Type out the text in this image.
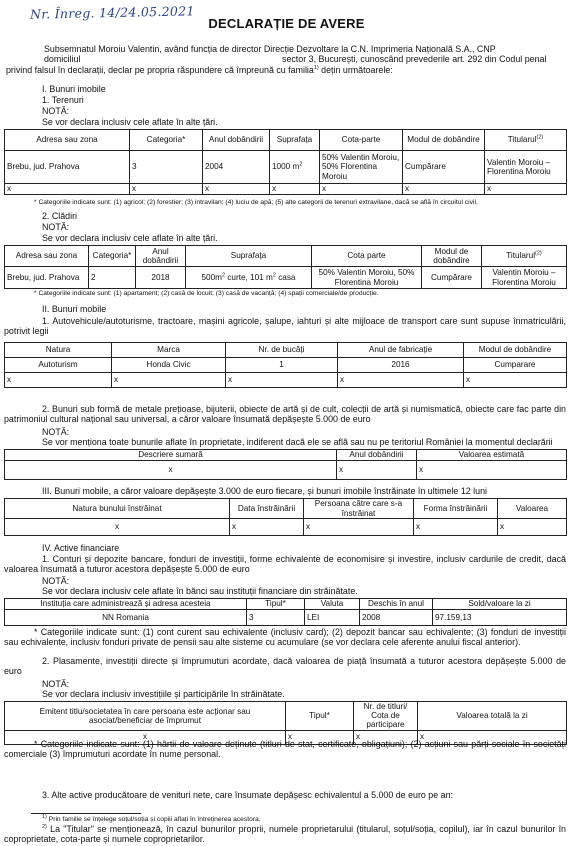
Nr. Înreg. 14/24.05.2021
DECLARAȚIE DE AVERE
Subsemnatul Moroiu Valentin, având funcția de director Direcție Dezvoltare la C.N. Imprimeria Națională S.A., CNP
domiciliul	sector 3, București, cunoscând prevederile art. 292 din Codul penal
privind falsul în declarații, declar pe propria răspundere că împreună cu familia$^{1)}$ dețin următoarele:
I. Bunuri imobile
1. Terenuri
NOTĂ:
Se vor declara inclusiv cele aflate în alte țări.
Adresa sau zona	Categoria*	Anul dobândirii	Suprafața	Cota-parte	Modul de dobândire	Titularul$^{(2)}$
Brebu, jud. Prahova	3	2004	1000 $m^2$	50% Valentin Moroiu, 50% Florentina Moroiu	Cumpărare	Valentin Moroiu – Florentina Moroiu
x	x	x	x	x	x	x
* Categoriile indicate sunt: (1) agricol; (2) forestier; (3) intravilan; (4) luciu de apă; (5) alte categorii de terenuri extravilane, dacă se află în circuitul civil.
2. Clădiri
NOTĂ:
Se vor declara inclusiv cele aflate în alte țări.
Adresa sau zona	Categoria*	Anul dobândirii	Suprafața	Cota parte	Modul de dobândire	Titularul$^{(2)}$
Brebu, jud. Prahova	2	2018	$500m^2$ curte, 101 $m^2$ casa	50% Valentin Moroiu, 50% Florentina Moroiu	Cumpărare	Valentin Moroiu – Florentina Moroiu
* Categoriile indicate sunt: (1) apartament; (2) casă de locuit; (3) casă de vacanță; (4) spații comerciale/de producție.
II. Bunuri mobile
1. Autovehicule/autoturisme, tractoare, mașini agricole, șalupe, iahturi și alte mijloace de transport care sunt supuse înmatriculării, potrivit legii
Natura	Marca	Nr. de bucăți	Anul de fabricație	Modul de dobândire
Autoturism	Honda Civic	1	2016	Cumparare
x	x	x	x	x
2. Bunuri sub formă de metale prețioase, bijuterii, obiecte de artă și de cult, colecții de artă și numismatică, obiecte care fac parte din patrimoniul cultural național sau universal, a căror valoare însumată depășește 5.000 de euro
NOTĂ:
Se vor menționa toate bunurile aflate în proprietate, indiferent dacă ele se află sau nu pe teritoriul României la momentul declarării
Descriere sumară	Anul dobândirii	Valoarea estimată
x	x	x
III. Bunuri mobile, a căror valoare depășește 3.000 de euro fiecare, și bunuri imobile înstrăinate în ultimele 12 luni
Natura bunului înstrăinat	Data înstrăinării	Persoana către care s-a înstrăinat	Forma înstrăinării	Valoarea
x	x	x	x	x
IV. Active financiare
1. Conturi și depozite bancare, fonduri de investiții, forme echivalente de economisire și investire, inclusiv cardurile de credit, dacă valoarea însumată a tuturor acestora depășește 5.000 de euro
NOTĂ:
Se vor declara inclusiv cele aflate în bănci sau instituții financiare din străinătate.
Instituția care administrează și adresa acesteia	Tipul*	Valuta	Deschis în anul	Sold/valoare la zi
NN Romania	3	LEI	2008	97.159,13
* Categoriile indicate sunt: (1) cont curent sau echivalente (inclusiv card); (2) depozit bancar sau echivalente; (3) fonduri de investiții sau echivalente, inclusiv fonduri private de pensii sau alte sisteme cu acumulare (se vor declara cele aferente anului fiscal anterior).
2. Plasamente, investiții directe și împrumuturi acordate, dacă valoarea de piață însumată a tuturor acestora depășește 5.000 de euro
NOTĂ:
Se vor declara inclusiv investițiile și participările în străinătate.
Emitent titlu/societatea în care persoana este acționar sau asociat/beneficiar de împrumut	Tipul*	Nr. de titluri/ Cota de participare	Valoarea totală la zi
x	x	x	x
* Categoriile indicate sunt: (1) hârtii de valoare deținute (titluri de stat, certificate, obligațiuni); (2) acțiuni sau părți sociale în societăți comerciale (3) împrumuturi acordate în nume personal.
3. Alte active producătoare de venituri nete, care însumate depășesc echivalentul a 5.000 de euro pe an:
$^{1)}$ Prin familie se înțelege soțul/soția și copiii aflați în întreținerea acestora.
$^{2)}$ La "Titular" se menționează, în cazul bunurilor proprii, numele proprietarului (titularul, soțul/soția, copilul), iar în cazul bunurilor în coproprietate, cota-parte și numele coproprietarilor.
